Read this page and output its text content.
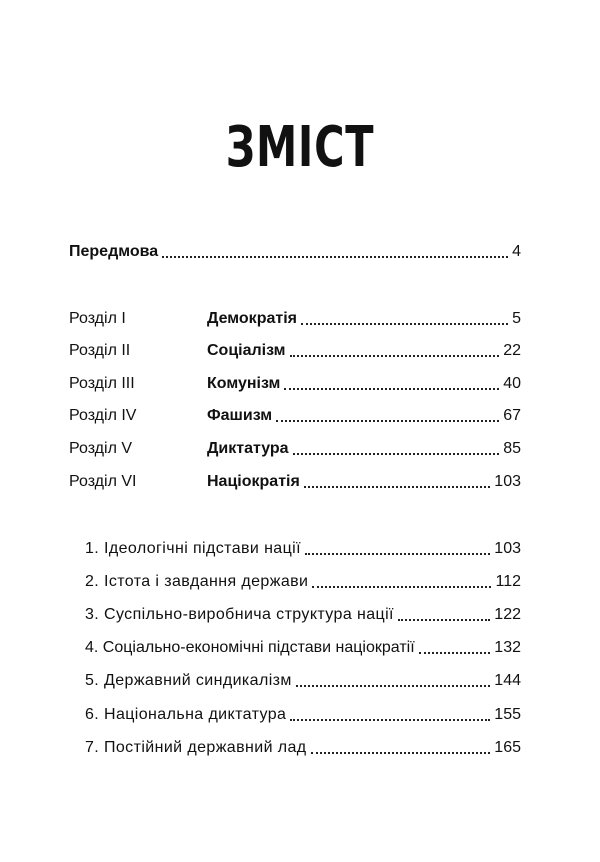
ЗМІСТ
Передмова	4
Розділ I	Демократія	5
Розділ II	Соціалізм	22
Розділ III	Комунізм	40
Розділ IV	Фашизм	67
Розділ V	Диктатура	85
Розділ VI	Націократія	103
1. Ідеологічні підстави нації	103
2. Істота і завдання держави	112
3. Суспільно-виробнича структура нації	122
4. Соціально-економічні підстави націократії	132
5. Державний синдикалізм	144
6. Національна диктатура	155
7. Постійний державний лад	165
